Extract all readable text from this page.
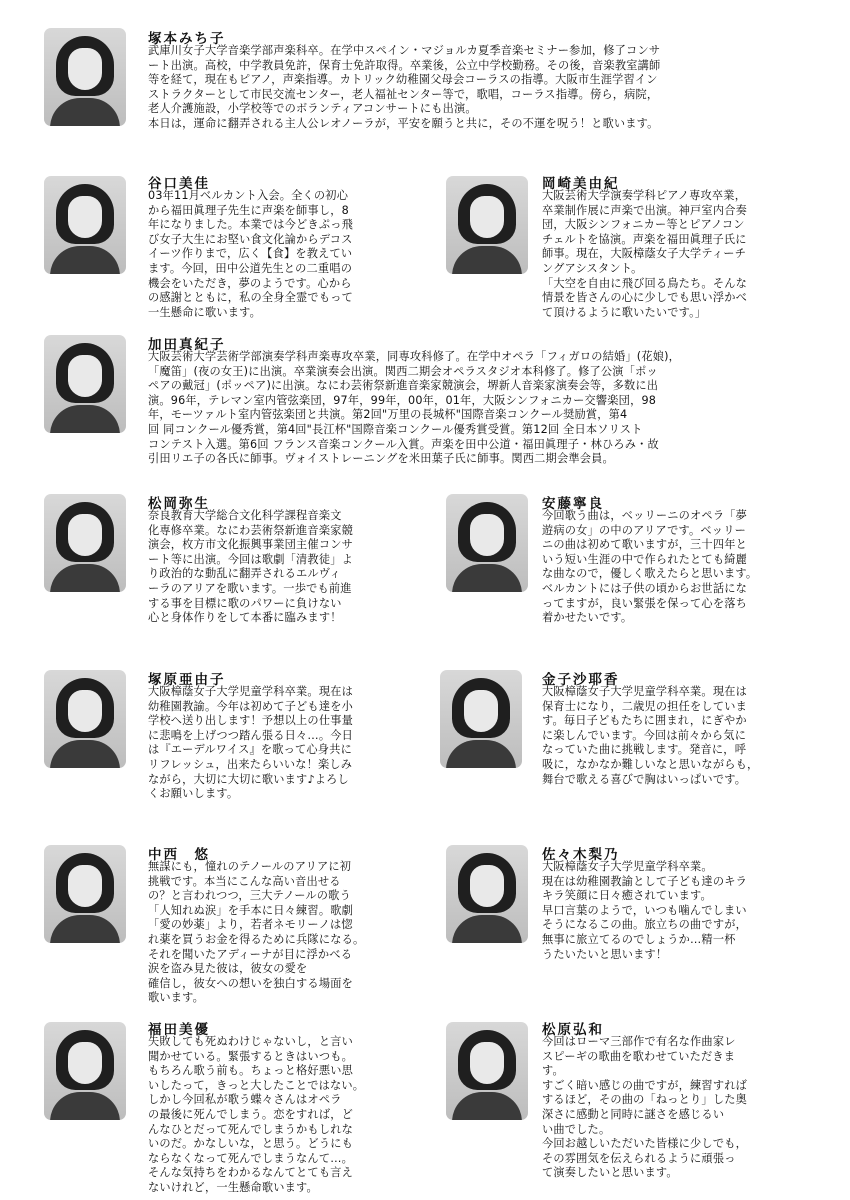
塚本みち子

武庫川女子大学音楽学部声楽科卒。在学中スペイン・マジョルカ夏季音楽セミナー参加，修了コンサ
ート出演。高校，中学教員免許，保育士免許取得。卒業後，公立中学校勤務。その後，音楽教室講師
等を経て，現在もピアノ，声楽指導。カトリック幼稚園父母会コーラスの指導。大阪市生涯学習イン
ストラクターとして市民交流センター，老人福祉センター等で，歌唱，コーラス指導。傍ら，病院，
老人介護施設，小学校等でのボランティアコンサートにも出演。
本日は，運命に翻弄される主人公レオノーラが，平安を願うと共に，その不運を呪う！と歌います。

谷口美佳

03年11月ベルカント入会。全くの初心
から福田眞理子先生に声楽を師事し，8
年になりました。本業では今どきぷっ飛
び女子大生にお堅い食文化論からデコス
イーツ作りまで，広く【食】を教えてい
ます。今回，田中公道先生との二重唱の
機会をいただき，夢のようです。心から
の感謝とともに，私の全身全霊でもって
一生懸命に歌います。

岡崎美由紀

大阪芸術大学演奏学科ピアノ専攻卒業，
卒業制作展に声楽で出演。神戸室内合奏
団，大阪シンフォニカー等とピアノコン
チェルトを協演。声楽を福田眞理子氏に
師事。現在，大阪樟蔭女子大学ティーチ
ングアシスタント。
「大空を自由に飛び回る鳥たち。そんな
情景を皆さんの心に少しでも思い浮かべ
て頂けるように歌いたいです。」

加田真紀子

大阪芸術大学芸術学部演奏学科声楽専攻卒業，同専攻科修了。在学中オペラ「フィガロの結婚」(花娘)，
「魔笛」(夜の女王)に出演。卒業演奏会出演。関西二期会オペラスタジオ本科修了。修了公演「ポッ
ペアの戴冠」(ポッペア)に出演。なにわ芸術祭新進音楽家競演会，堺新人音楽家演奏会等，多数に出
演。96年，テレマン室内管弦楽団，97年，99年，00年，01年，大阪シンフォニカー交響楽団，98
年，モーツァルト室内管弦楽団と共演。第2回"万里の長城杯"国際音楽コンクール奨励賞，第4
回 同コンクール優秀賞，第4回"長江杯"国際音楽コンクール優秀賞受賞。第12回 全日本ソリスト
コンテスト入選。第6回 フランス音楽コンクール入賞。声楽を田中公道・福田眞理子・林ひろみ・故
引田リエ子の各氏に師事。ヴォイストレーニングを米田葉子氏に師事。関西二期会準会員。

松岡弥生

奈良教育大学総合文化科学課程音楽文
化専修卒業。なにわ芸術祭新進音楽家競
演会，枚方市文化振興事業団主催コンサ
ート等に出演。今回は歌劇「清教徒」よ
り政治的な動乱に翻弄されるエルヴィ
ーラのアリアを歌います。一歩でも前進
する事を目標に歌のパワーに負けない
心と身体作りをして本番に臨みます！

安藤寧良

今回歌う曲は，ベッリーニのオペラ「夢
遊病の女」の中のアリアです。ベッリー
ニの曲は初めて歌いますが，三十四年と
いう短い生涯の中で作られたとても綺麗
な曲なので，優しく歌えたらと思います。
ベルカントには子供の頃からお世話にな
ってますが，良い緊張を保って心を落ち
着かせたいです。

塚原亜由子

大阪樟蔭女子大学児童学科卒業。現在は
幼稚園教諭。今年は初めて子ども達を小
学校へ送り出します！予想以上の仕事量
に悲鳴を上げつつ踏ん張る日々…。今日
は『エーデルワイス』を歌って心身共に
リフレッシュ，出来たらいいな！楽しみ
ながら，大切に大切に歌います♪よろし
くお願いします。

金子沙耶香

大阪樟蔭女子大学児童学科卒業。現在は
保育士になり，二歳児の担任をしていま
す。毎日子どもたちに囲まれ，にぎやか
に楽しんでいます。今回は前々から気に
なっていた曲に挑戦します。発音に，呼
吸に，なかなか難しいなと思いながらも，
舞台で歌える喜びで胸はいっぱいです。

中西　悠

無謀にも，憧れのテノールのアリアに初
挑戦です。本当にこんな高い音出せる
の？と言われつつ，三大テノールの歌う
「人知れぬ涙」を手本に日々練習。歌劇
「愛の妙薬」より，若者ネモリーノは惚
れ薬を買うお金を得るために兵隊になる。
それを聞いたアディーナが目に浮かべる
涙を盗み見た彼は，彼女の愛を
確信し，彼女への想いを独白する場面を
歌います。

佐々木梨乃

大阪樟蔭女子大学児童学科卒業。
現在は幼稚園教諭として子ども達のキラ
キラ笑顔に日々癒されています。
早口言葉のようで，いつも噛んでしまい
そうになるこの曲。旅立ちの曲ですが，
無事に旅立てるのでしょうか…精一杯
うたいたいと思います！

福田美優

失敗しても死ぬわけじゃないし，と言い
聞かせている。緊張するときはいつも。
もちろん歌う前も。ちょっと格好悪い思
いしたって，きっと大したことではない。
しかし今回私が歌う蝶々さんはオペラ
の最後に死んでしまう。恋をすれば，ど
んなひとだって死んでしまうかもしれな
いのだ。かなしいな，と思う。どうにも
ならなくなって死んでしまうなんて…。
そんな気持ちをわかるなんてとても言え
ないけれど，一生懸命歌います。

松原弘和

今回はローマ三部作で有名な作曲家レ
スピーギの歌曲を歌わせていただきま
す。
すごく暗い感じの曲ですが，練習すれば
するほど，その曲の「ねっとり」した奥
深さに感動と同時に謎さを感じるい
い曲でした。
今回お越しいただいた皆様に少しでも，
その雰囲気を伝えられるように頑張っ
て演奏したいと思います。
